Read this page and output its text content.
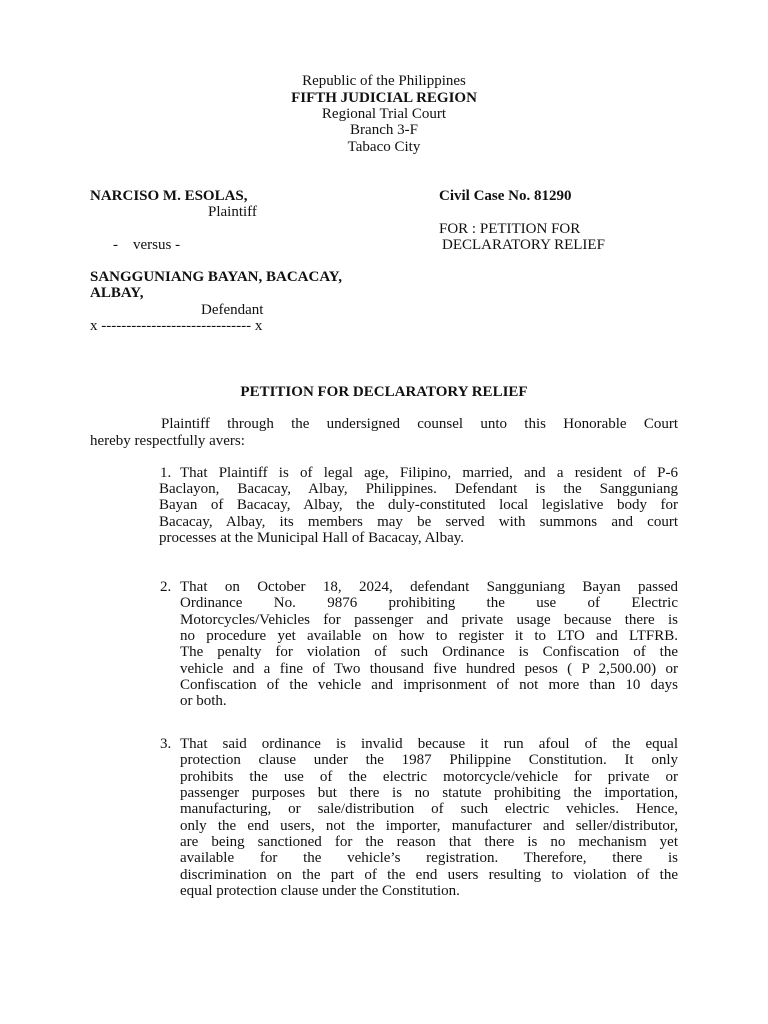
Republic of the Philippines
FIFTH JUDICIAL REGION
Regional Trial Court
Branch 3-F
Tabaco City
NARCISO M. ESOLAS,
Plaintiff
-    versus -
SANGGUNIANG BAYAN, BACACAY,
ALBAY,
Defendant
x ------------------------------ x
Civil Case No. 81290
FOR : PETITION FOR
DECLARATORY RELIEF
PETITION FOR DECLARATORY RELIEF
Plaintiff through the undersigned counsel unto this Honorable Court
hereby respectfully avers:
1. That Plaintiff is of legal age, Filipino, married, and a resident of P-6
Baclayon, Bacacay, Albay, Philippines. Defendant is the Sangguniang
Bayan of Bacacay, Albay, the duly-constituted local legislative body for
Bacacay, Albay, its members may be served with summons and court
processes at the Municipal Hall of Bacacay, Albay.
2. That on October 18, 2024, defendant Sangguniang Bayan passed
Ordinance No. 9876 prohibiting the use of Electric
Motorcycles/Vehicles for passenger and private usage because there is
no procedure yet available on how to register it to LTO and LTFRB.
The penalty for violation of such Ordinance is Confiscation of the
vehicle and a fine of Two thousand five hundred pesos ( P 2,500.00) or
Confiscation of the vehicle and imprisonment of not more than 10 days
or both.
3. That said ordinance is invalid because it run afoul of the equal
protection clause under the 1987 Philippine Constitution. It only
prohibits the use of the electric motorcycle/vehicle for private or
passenger purposes but there is no statute prohibiting the importation,
manufacturing, or sale/distribution of such electric vehicles. Hence,
only the end users, not the importer, manufacturer and seller/distributor,
are being sanctioned for the reason that there is no mechanism yet
available for the vehicle’s registration. Therefore, there is
discrimination on the part of the end users resulting to violation of the
equal protection clause under the Constitution.
